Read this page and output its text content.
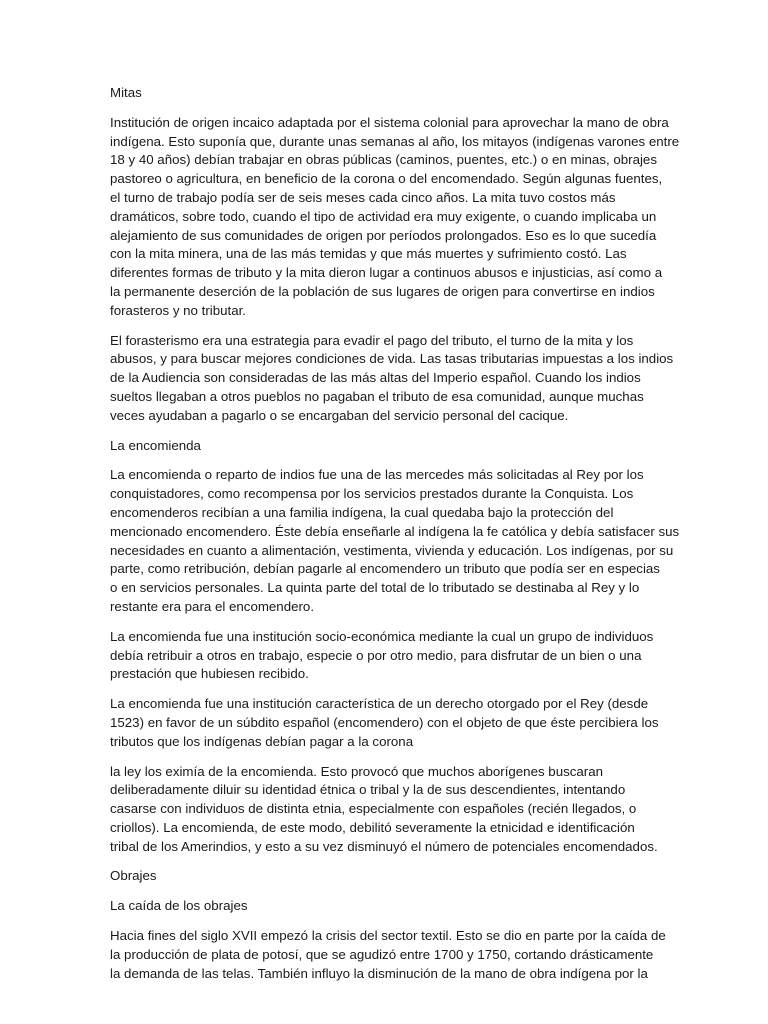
Mitas
Institución de origen incaico adaptada por el sistema colonial para aprovechar la mano de obra
indígena. Esto suponía que, durante unas semanas al año, los mitayos (indígenas varones entre
18 y 40 años) debían trabajar en obras públicas (caminos, puentes, etc.) o en minas, obrajes
pastoreo o agricultura, en beneficio de la corona o del encomendado. Según algunas fuentes,
el turno de trabajo podía ser de seis meses cada cinco años. La mita tuvo costos más
dramáticos, sobre todo, cuando el tipo de actividad era muy exigente, o cuando implicaba un
alejamiento de sus comunidades de origen por períodos prolongados. Eso es lo que sucedía
con la mita minera, una de las más temidas y que más muertes y sufrimiento costó. Las
diferentes formas de tributo y la mita dieron lugar a continuos abusos e injusticias, así como a
la permanente deserción de la población de sus lugares de origen para convertirse en indios
forasteros y no tributar.
El forasterismo era una estrategia para evadir el pago del tributo, el turno de la mita y los
abusos, y para buscar mejores condiciones de vida. Las tasas tributarias impuestas a los indios
de la Audiencia son consideradas de las más altas del Imperio español. Cuando los indios
sueltos llegaban a otros pueblos no pagaban el tributo de esa comunidad, aunque muchas
veces ayudaban a pagarlo o se encargaban del servicio personal del cacique.
La encomienda
La encomienda o reparto de indios fue una de las mercedes más solicitadas al Rey por los
conquistadores, como recompensa por los servicios prestados durante la Conquista. Los
encomenderos recibían a una familia indígena, la cual quedaba bajo la protección del
mencionado encomendero. Éste debía enseñarle al indígena la fe católica y debía satisfacer sus
necesidades en cuanto a alimentación, vestimenta, vivienda y educación. Los indígenas, por su
parte, como retribución, debían pagarle al encomendero un tributo que podía ser en especias
o en servicios personales. La quinta parte del total de lo tributado se destinaba al Rey y lo
restante era para el encomendero.
La encomienda fue una institución socio-económica mediante la cual un grupo de individuos
debía retribuir a otros en trabajo, especie o por otro medio, para disfrutar de un bien o una
prestación que hubiesen recibido.
La encomienda fue una institución característica de un derecho otorgado por el Rey (desde
1523) en favor de un súbdito español (encomendero) con el objeto de que éste percibiera los
tributos que los indígenas debían pagar a la corona
la ley los eximía de la encomienda. Esto provocó que muchos aborígenes buscaran
deliberadamente diluir su identidad étnica o tribal y la de sus descendientes, intentando
casarse con individuos de distinta etnia, especialmente con españoles (recién llegados, o
criollos). La encomienda, de este modo, debilitó severamente la etnicidad e identificación
tribal de los Amerindios, y esto a su vez disminuyó el número de potenciales encomendados.
Obrajes
La caída de los obrajes
Hacia fines del siglo XVII empezó la crisis del sector textil. Esto se dio en parte por la caída de
la producción de plata de potosí, que se agudizó entre 1700 y 1750, cortando drásticamente
la demanda de las telas. También influyo la disminución de la mano de obra indígena por la
